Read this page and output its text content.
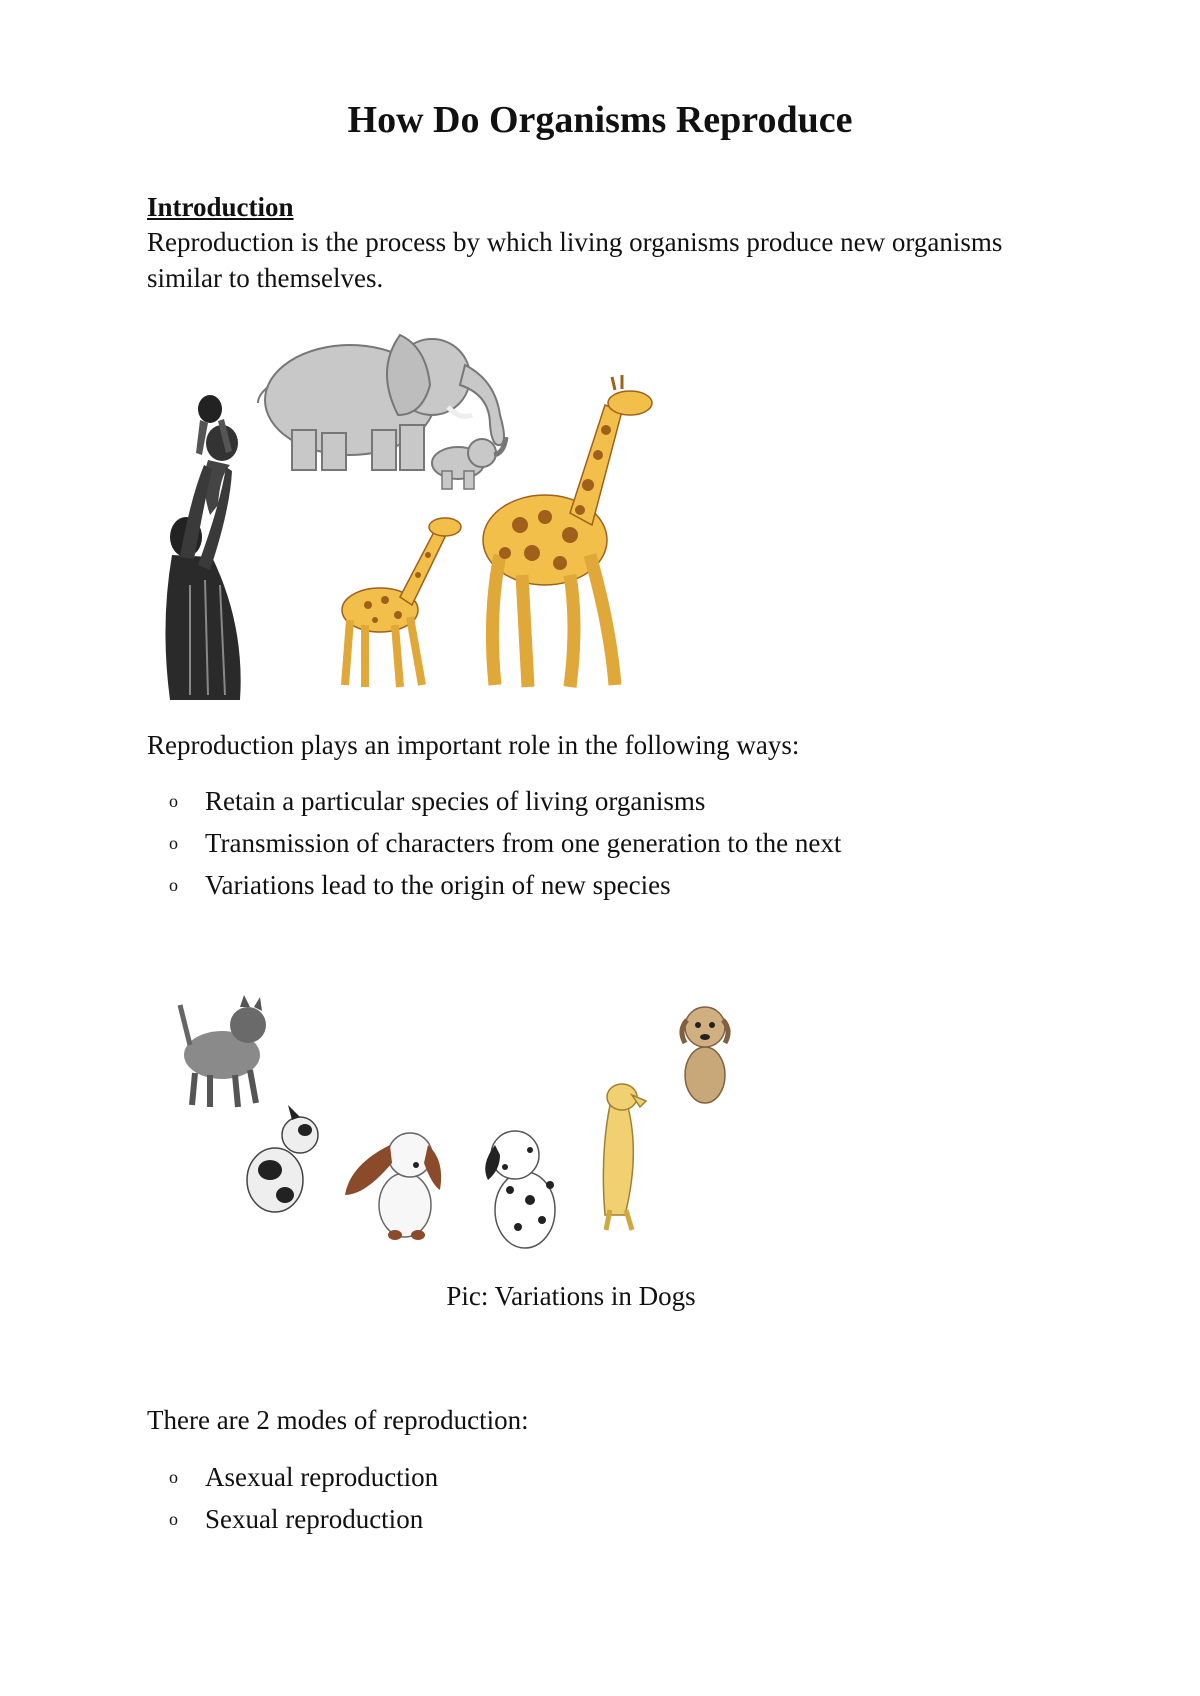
How Do Organisms Reproduce
Introduction

Reproduction is the process by which living organisms produce new organisms similar to themselves.

Reproduction plays an important role in the following ways:

o Retain a particular species of living organisms
o Transmission of characters from one generation to the next
o Variations lead to the origin of new species

Pic: Variations in Dogs

There are 2 modes of reproduction:

o Asexual reproduction
o Sexual reproduction
